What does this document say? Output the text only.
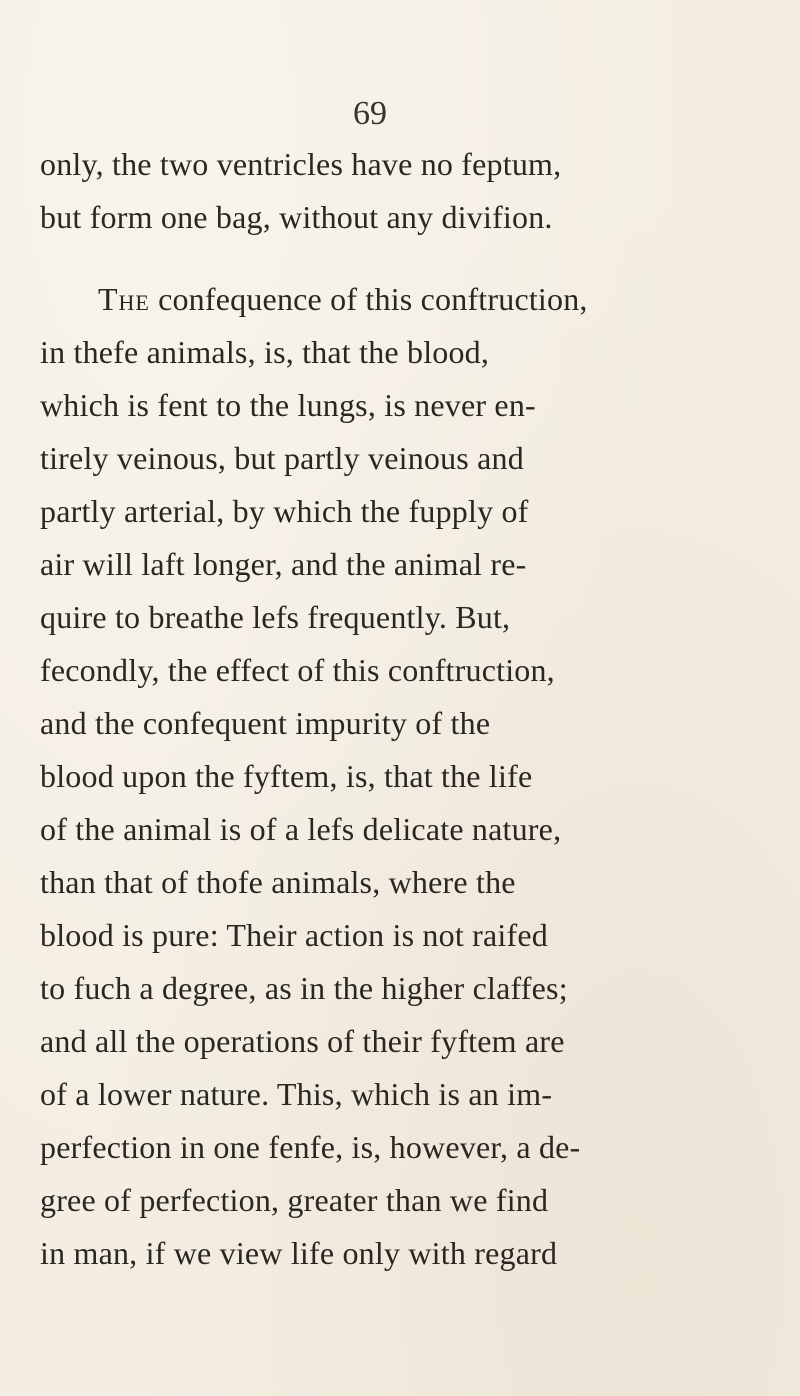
69
only, the two ventricles have no feptum,
but form one bag, without any divifion.
The confequence of this conftruction,
in thefe animals, is, that the blood,
which is fent to the lungs, is never en-
tirely veinous, but partly veinous and
partly arterial, by which the fupply of
air will laft longer, and the animal re-
quire to breathe lefs frequently. But,
fecondly, the effect of this conftruction,
and the confequent impurity of the
blood upon the fyftem, is, that the life
of the animal is of a lefs delicate nature,
than that of thofe animals, where the
blood is pure: Their action is not raifed
to fuch a degree, as in the higher claffes;
and all the operations of their fyftem are
of a lower nature. This, which is an im-
perfection in one fenfe, is, however, a de-
gree of perfection, greater than we find
in man, if we view life only with regard
